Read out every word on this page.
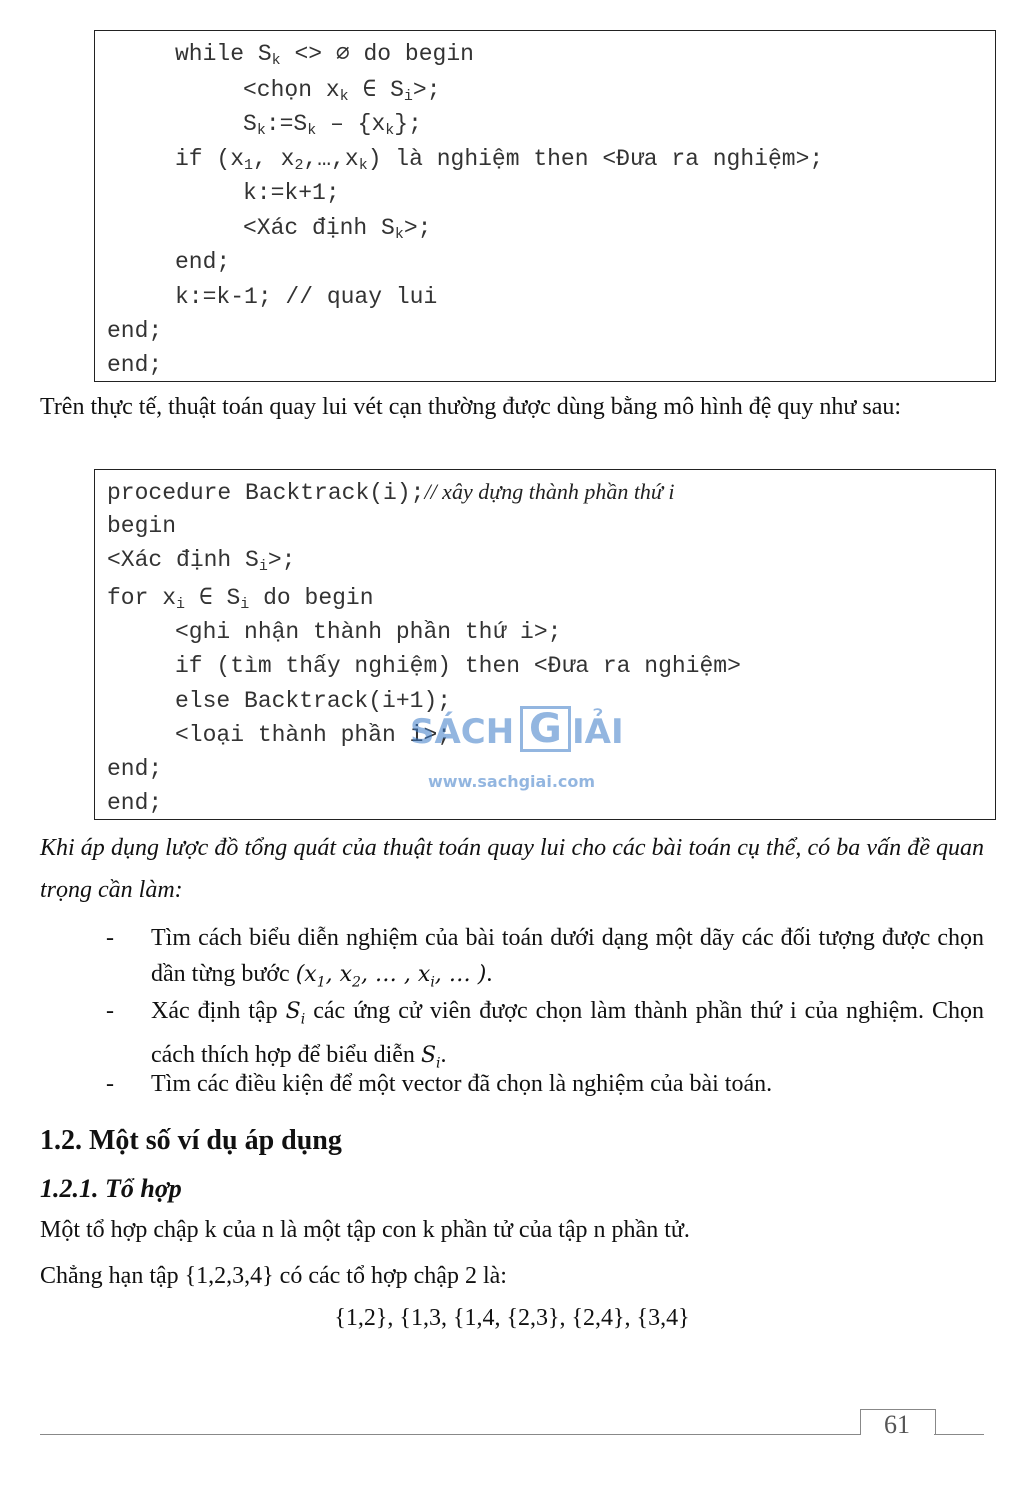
while $S_k$ <> ∅ do begin
<chọn $x_k$ ∈ $S_i>$;
$S_k:=S_k - \{x_k\}$;
if ($x_1$, $x_2,\dots,x_k$) là nghiệm then <Đưa ra nghiệm>;
k:=k+1;
<Xác định $S_k>$;
end;
k:=k-1; // quay lui
end;
end;
Trên thực tế, thuật toán quay lui vét cạn thường được dùng bằng mô hình đệ quy như sau:
procedure Backtrack(i);// xây dựng thành phần thứ i
begin
<Xác định $S_i>$;
for $x_i$ ∈ $S_i$ do begin
<ghi nhận thành phần thứ i>;
if (tìm thấy nghiệm) then <Đưa ra nghiệm>
else Backtrack(i+1);
<loại thành phần i>;
end;
end;
SÁCH G IẢI
www.sachgiai.com
Khi áp dụng lược đồ tổng quát của thuật toán quay lui cho các bài toán cụ thể, có ba vấn đề quan trọng cần làm:
- Tìm cách biểu diễn nghiệm của bài toán dưới dạng một dãy các đối tượng được chọn dần từng bước ($x_1$, $x_2$, … , $x_i$, … ).
- Xác định tập $S_i$ các ứng cử viên được chọn làm thành phần thứ i của nghiệm. Chọn cách thích hợp để biểu diễn $S_i$.
- Tìm các điều kiện để một vector đã chọn là nghiệm của bài toán.
1.2. Một số ví dụ áp dụng
1.2.1. Tổ hợp
Một tổ hợp chập k của n là một tập con k phần tử của tập n phần tử.
Chẳng hạn tập {1,2,3,4} có các tổ hợp chập 2 là:
{1,2}, {1,3, {1,4, {2,3}, {2,4}, {3,4}
61
